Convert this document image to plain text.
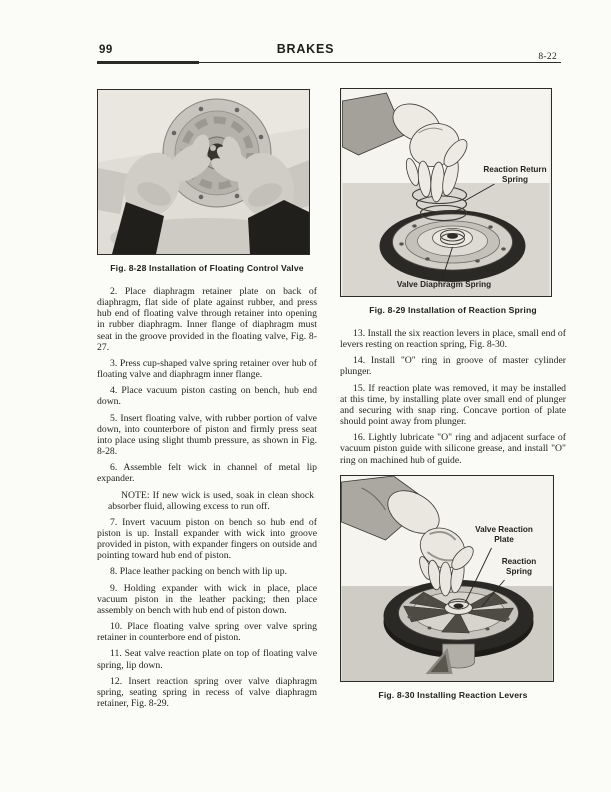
99	BRAKES
8-22
Fig. 8-28 Installation of Floating Control Valve

2. Place diaphragm retainer plate on back of diaphragm, flat side of plate against rubber, and press hub end of floating valve through retainer into opening in rubber diaphragm. Inner flange of diaphragm must seat in the groove provided in the floating valve, Fig. 8-27.

3. Press cup-shaped valve spring retainer over hub of floating valve and diaphragm inner flange.

4. Place vacuum piston casting on bench, hub end down.

5. Insert floating valve, with rubber portion of valve down, into counterbore of piston and firmly press seat into place using slight thumb pressure, as shown in Fig. 8-28.

6. Assemble felt wick in channel of metal lip expander.

NOTE: If new wick is used, soak in clean shock absorber fluid, allowing excess to run off.

7. Invert vacuum piston on bench so hub end of piston is up. Install expander with wick into groove provided in piston, with expander fingers on outside and pointing toward hub end of piston.

8. Place leather packing on bench with lip up.

9. Holding expander with wick in place, place vacuum piston in the leather packing; then place assembly on bench with hub end of piston down.

10. Place floating valve spring over valve spring retainer in counterbore end of piston.

11. Seat valve reaction plate on top of floating valve spring, lip down.

12. Insert reaction spring over valve diaphragm spring, seating spring in recess of valve diaphragm retainer, Fig. 8-29.

Reaction Return Spring
Valve Diaphragm Spring
Fig. 8-29 Installation of Reaction Spring

13. Install the six reaction levers in place, small end of levers resting on reaction spring, Fig. 8-30.

14. Install "O" ring in groove of master cylinder plunger.

15. If reaction plate was removed, it may be installed at this time, by installing plate over small end of plunger and securing with snap ring. Concave portion of plate should point away from plunger.

16. Lightly lubricate "O" ring and adjacent surface of vacuum piston guide with silicone grease, and install "O" ring on machined hub of guide.

Valve Reaction Plate
Reaction Spring
Fig. 8-30 Installing Reaction Levers
